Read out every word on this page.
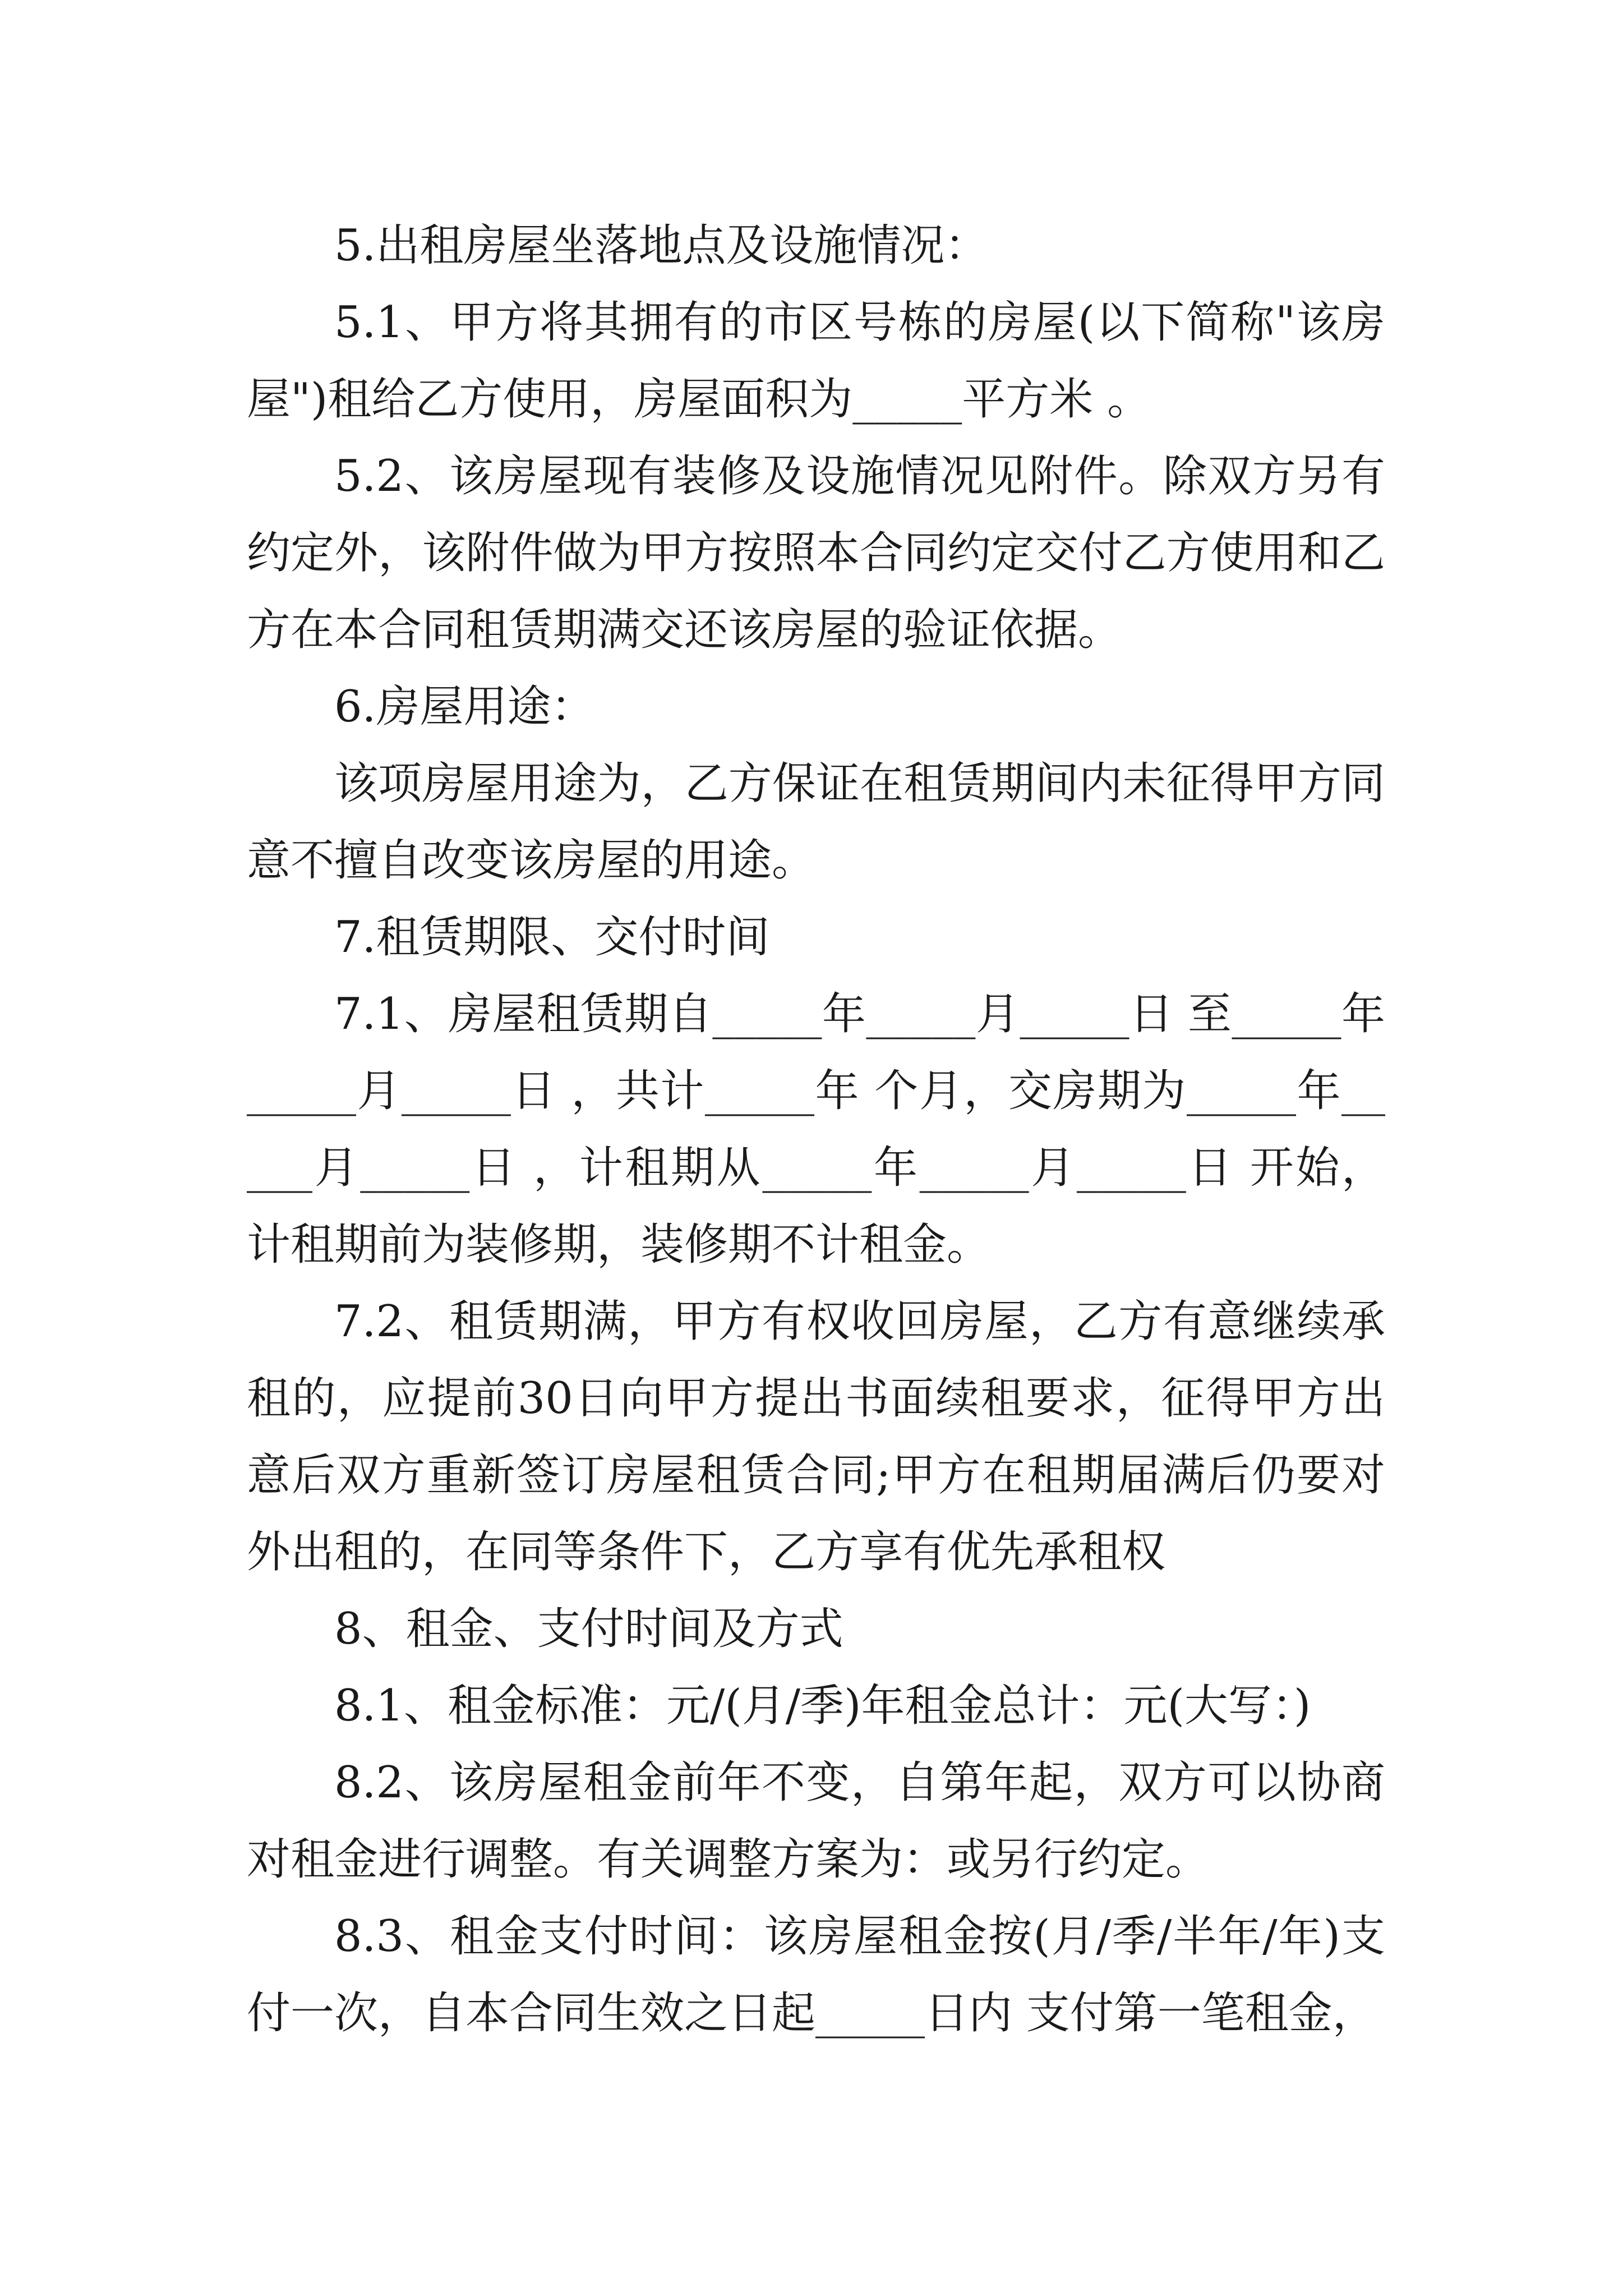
5.出租房屋坐落地点及设施情况：

5.1、甲方将其拥有的市区号栋的房屋(以下简称"该房屋")租给乙方使用，房屋面积为_____平方米 。

5.2、该房屋现有装修及设施情况见附件。除双方另有约定外，该附件做为甲方按照本合同约定交付乙方使用和乙方在本合同租赁期满交还该房屋的验证依据。

6.房屋用途：

该项房屋用途为，乙方保证在租赁期间内未征得甲方同意不擅自改变该房屋的用途。

7.租赁期限、交付时间

7.1、房屋租赁期自_____年_____月_____日 至_____年_____月_____日 ，共计_____年 个月，交房期为_____年_____月_____日 ，计租期从_____年_____月_____日 开始，计租期前为装修期，装修期不计租金。

7.2、租赁期满，甲方有权收回房屋，乙方有意继续承租的，应提前30日向甲方提出书面续租要求，征得甲方出意后双方重新签订房屋租赁合同;甲方在租期届满后仍要对外出租的，在同等条件下，乙方享有优先承租权

8、租金、支付时间及方式

8.1、租金标准：元/(月/季)年租金总计：元(大写：)

8.2、该房屋租金前年不变，自第年起，双方可以协商对租金进行调整。有关调整方案为：或另行约定。

8.3、租金支付时间：该房屋租金按(月/季/半年/年)支付一次，自本合同生效之日起_____日内 支付第一笔租金，
